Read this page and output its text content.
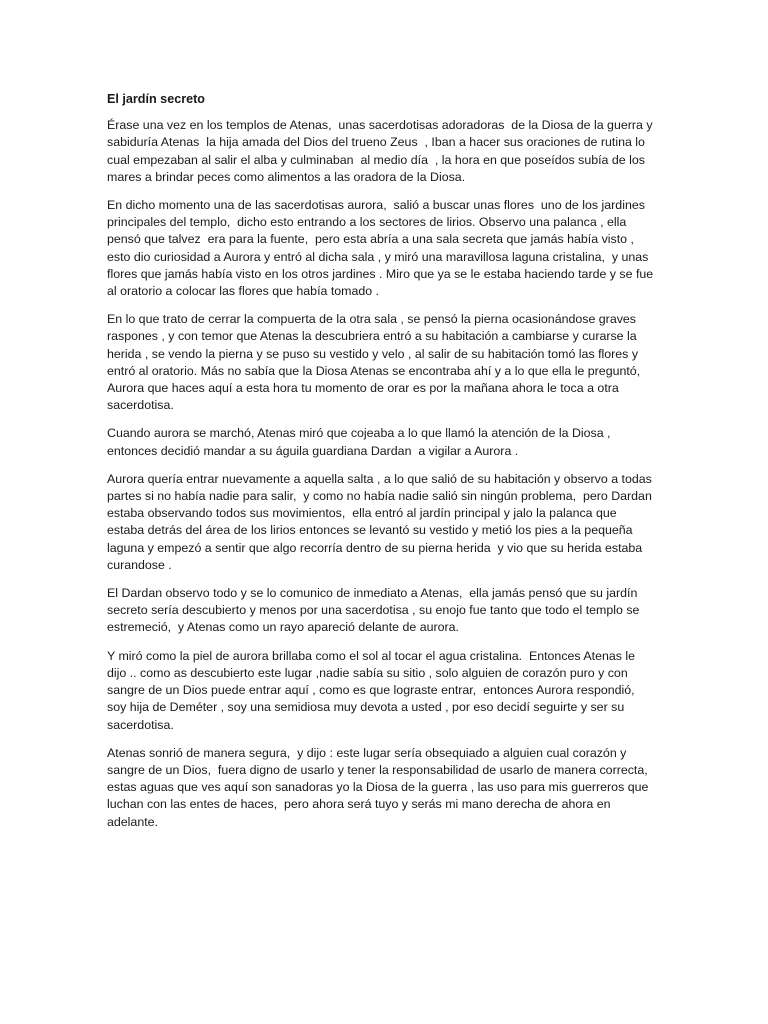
El jardín secreto

Érase una vez en los templos de Atenas,  unas sacerdotisas adoradoras  de la Diosa de la guerra y sabiduría Atenas  la hija amada del Dios del trueno Zeus  , Iban a hacer sus oraciones de rutina lo cual empezaban al salir el alba y culminaban  al medio día  , la hora en que poseídos subía de los mares a brindar peces como alimentos a las oradora de la Diosa.

En dicho momento una de las sacerdotisas aurora,  salió a buscar unas flores  uno de los jardines principales del templo,  dicho esto entrando a los sectores de lirios. Observo una palanca , ella pensó que talvez  era para la fuente,  pero esta abría a una sala secreta que jamás había visto , esto dio curiosidad a Aurora y entró al dicha sala , y miró una maravillosa laguna cristalina,  y unas flores que jamás había visto en los otros jardines . Miro que ya se le estaba haciendo tarde y se fue al oratorio a colocar las flores que había tomado .

En lo que trato de cerrar la compuerta de la otra sala , se pensó la pierna ocasionándose graves raspones , y con temor que Atenas la descubriera entró a su habitación a cambiarse y curarse la herida , se vendo la pierna y se puso su vestido y velo , al salir de su habitación tomó las flores y entró al oratorio. Más no sabía que la Diosa Atenas se encontraba ahí y a lo que ella le preguntó, Aurora que haces aquí a esta hora tu momento de orar es por la mañana ahora le toca a otra sacerdotisa.

Cuando aurora se marchó, Atenas miró que cojeaba a lo que llamó la atención de la Diosa , entonces decidió mandar a su águila guardiana Dardan  a vigilar a Aurora .

Aurora quería entrar nuevamente a aquella salta , a lo que salió de su habitación y observo a todas partes si no había nadie para salir,  y como no había nadie salió sin ningún problema,  pero Dardan estaba observando todos sus movimientos,  ella entró al jardín principal y jalo la palanca que estaba detrás del área de los lirios entonces se levantó su vestido y metió los pies a la pequeña laguna y empezó a sentir que algo recorría dentro de su pierna herida  y vio que su herida estaba curandose .

El Dardan observo todo y se lo comunico de inmediato a Atenas,  ella jamás pensó que su jardín secreto sería descubierto y menos por una sacerdotisa , su enojo fue tanto que todo el templo se estremeció,  y Atenas como un rayo apareció delante de aurora.

Y miró como la piel de aurora brillaba como el sol al tocar el agua cristalina.  Entonces Atenas le dijo .. como as descubierto este lugar ,nadie sabía su sitio , solo alguien de corazón puro y con sangre de un Dios puede entrar aquí , como es que lograste entrar,  entonces Aurora respondió, soy hija de Deméter , soy una semidiosa muy devota a usted , por eso decidí seguirte y ser su sacerdotisa.

Atenas sonrió de manera segura,  y dijo : este lugar sería obsequiado a alguien cual corazón y sangre de un Dios,  fuera digno de usarlo y tener la responsabilidad de usarlo de manera correcta, estas aguas que ves aquí son sanadoras yo la Diosa de la guerra , las uso para mis guerreros que luchan con las entes de haces,  pero ahora será tuyo y serás mi mano derecha de ahora en adelante.
